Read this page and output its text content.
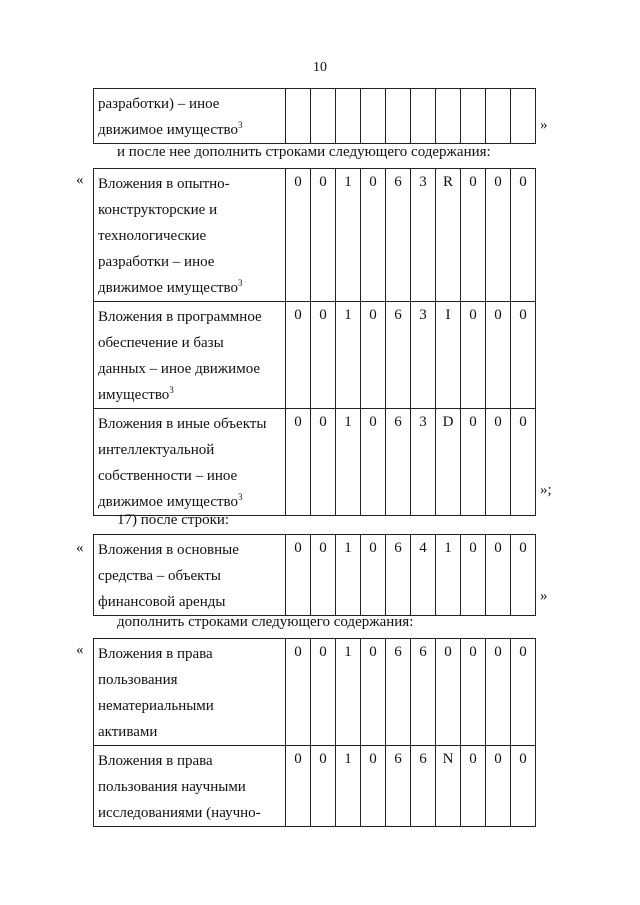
10
разработки) – иное
движимое имущество$^3$											»
и после нее дополнить строками следующего содержания:
« Вложения в опытно-
конструкторские и
технологические
разработки – иное
движимое имущество$^3$	0	0	1	0	6	3	R	0	0	0
Вложения в программное
обеспечение и базы
данных – иное движимое
имущество$^3$	0	0	1	0	6	3	I	0	0	0
Вложения в иные объекты
интеллектуальной
собственности – иное
движимое имущество$^3$	0	0	1	0	6	3	D	0	0	0
»;
17) после строки:
« Вложения в основные
средства – объекты
финансовой аренды	0	0	1	0	6	4	1	0	0	0
»
дополнить строками следующего содержания:
« Вложения в права
пользования
нематериальными
активами	0	0	1	0	6	6	0	0	0	0
Вложения в права
пользования научными
исследованиями (научно-	0	0	1	0	6	6	N	0	0	0
